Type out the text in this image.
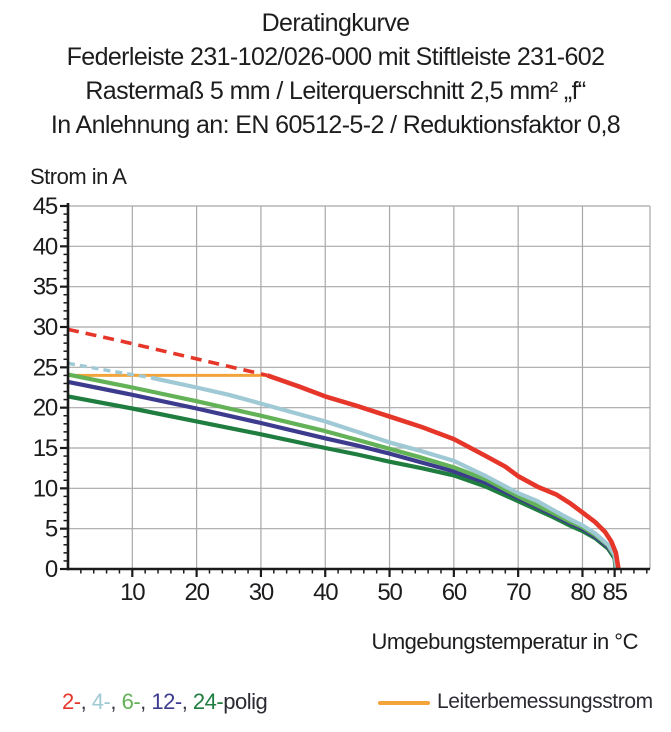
Deratingkurve
Federleiste 231-102/026-000 mit Stiftleiste 231-602
Rastermaß 5 mm / Leiterquerschnitt 2,5 mm² „f“
In Anlehnung an: EN 60512-5-2 / Reduktionsfaktor 0,8
Strom in A
10 20 30 40 50 60 70 80 85
0
5
10
15
20
25
30
35
40
45
Umgebungstemperatur in °C
2-, 4-, 6-, 12-, 24-polig	Leiterbemessungsstrom
